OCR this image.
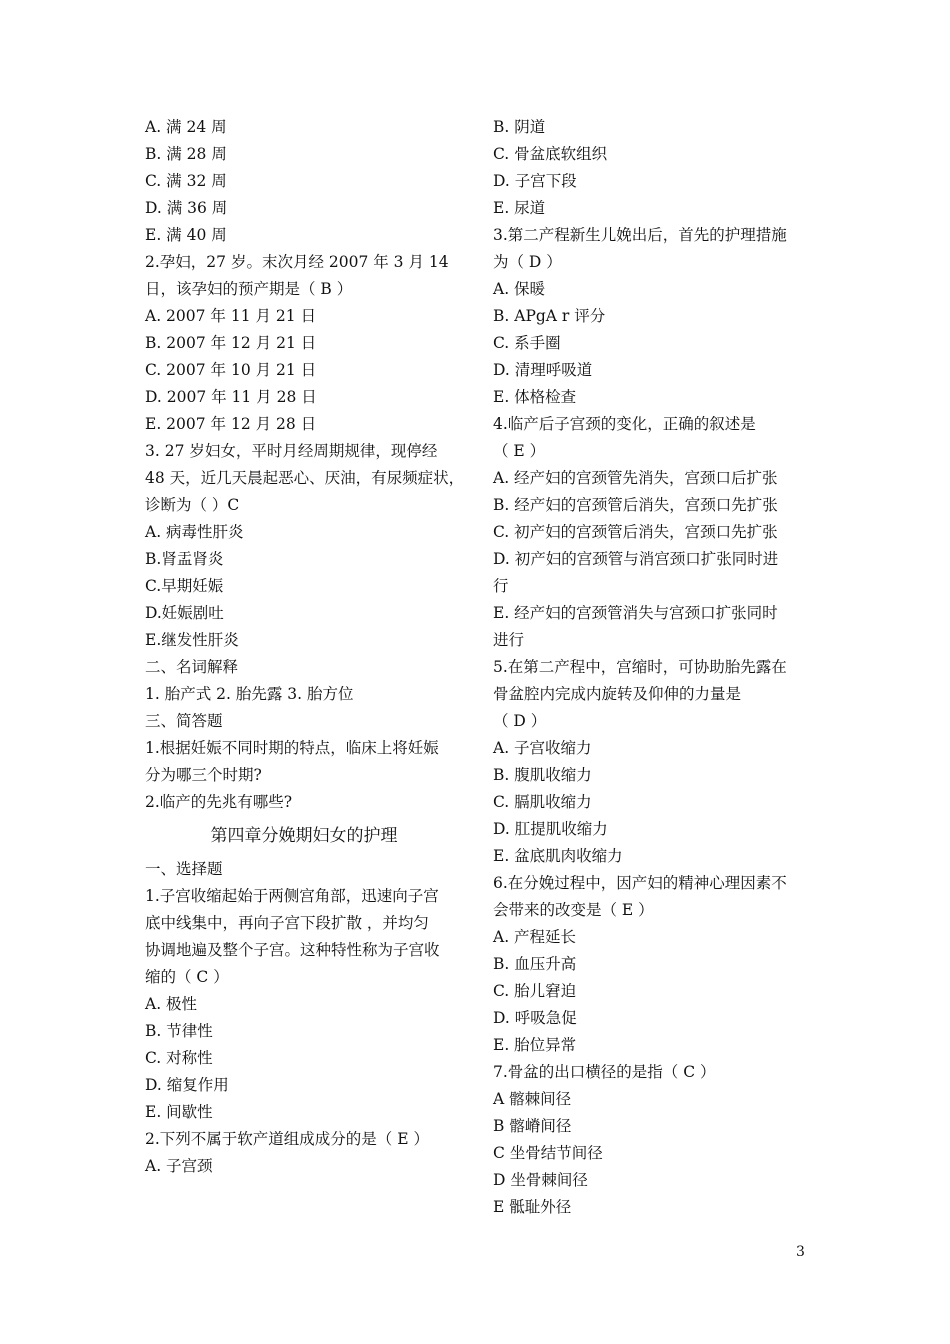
A. 满 24 周
B. 满 28 周
C. 满 32 周
D. 满 36 周
E. 满 40 周
2.孕妇，27 岁。末次月经 2007 年 3 月 14
日，该孕妇的预产期是（ B ）
A. 2007 年 11 月 21 日
B. 2007 年 12 月 21 日
C. 2007 年 10 月 21 日
D. 2007 年 11 月 28 日
E. 2007 年 12 月 28 日
3. 27 岁妇女，平时月经周期规律，现停经
48 天，近几天晨起恶心、厌油，有尿频症状，
诊断为（ ）C
A. 病毒性肝炎
B.肾盂肾炎
C.早期妊娠
D.妊娠剧吐
E.继发性肝炎
二、名词解释
1. 胎产式 2. 胎先露 3. 胎方位
三、简答题
1.根据妊娠不同时期的特点，临床上将妊娠
分为哪三个时期?
2.临产的先兆有哪些?
第四章分娩期妇女的护理
一、选择题
1.子宫收缩起始于两侧宫角部，迅速向子宫
底中线集中，再向子宫下段扩散 ，并均匀
协调地遍及整个子宫。这种特性称为子宫收
缩的（ C ）
A. 极性
B. 节律性
C. 对称性
D. 缩复作用
E. 间歇性
2.下列不属于软产道组成成分的是（ E ）
A. 子宫颈
B. 阴道
C. 骨盆底软组织
D. 子宫下段
E. 尿道
3.第二产程新生儿娩出后，首先的护理措施
为（ D ）
A. 保暖
B. APgA r 评分
C. 系手圈
D. 清理呼吸道
E. 体格检查
4.临产后子宫颈的变化，正确的叙述是
（ E ）
A. 经产妇的宫颈管先消失，宫颈口后扩张
B. 经产妇的宫颈管后消失，宫颈口先扩张
C. 初产妇的宫颈管后消失，宫颈口先扩张
D. 初产妇的宫颈管与消宫颈口扩张同时进
行
E. 经产妇的宫颈管消失与宫颈口扩张同时
进行
5.在第二产程中，宫缩时，可协助胎先露在
骨盆腔内完成内旋转及仰伸的力量是
（ D ）
A. 子宫收缩力
B. 腹肌收缩力
C. 膈肌收缩力
D. 肛提肌收缩力
E. 盆底肌肉收缩力
6.在分娩过程中，因产妇的精神心理因素不
会带来的改变是（ E ）
A. 产程延长
B. 血压升高
C. 胎儿窘迫
D. 呼吸急促
E. 胎位异常
7.骨盆的出口横径的是指（ C ）
A 髂棘间径
B 髂嵴间径
C 坐骨结节间径
D 坐骨棘间径
E 骶耻外径
3
